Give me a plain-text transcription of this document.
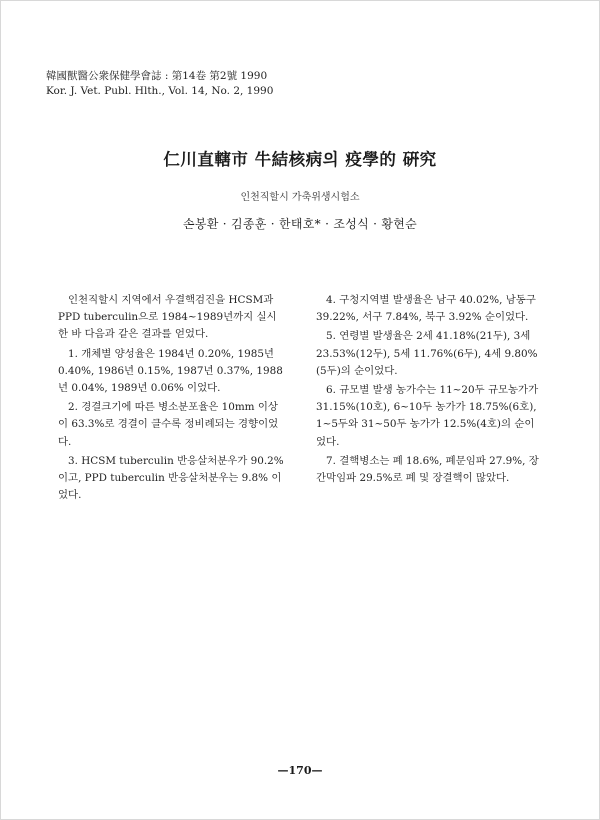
韓國獸醫公衆保健學會誌 : 第14卷 第2號 1990
Kor. J. Vet. Publ. Hlth., Vol. 14, No. 2, 1990
仁川直轄市 牛結核病의 疫學的 硏究
인천직할시 가축위생시험소
손봉환 · 김종훈 · 한태호* · 조성식 · 황현순

인천직할시 지역에서 우결핵검진을 HCSM과 PPD tuberculin으로 1984~1989년까지 실시한 바 다음과 같은 결과를 얻었다.

1. 개체별 양성율은 1984년 0.20%, 1985년 0.40%, 1986년 0.15%, 1987년 0.37%, 1988년 0.04%, 1989년 0.06% 이었다.

2. 경결크기에 따른 병소분포율은 10mm 이상이 63.3%로 경결이 클수록 정비례되는 경향이었다.

3. HCSM tuberculin 반응살처분우가 90.2%이고, PPD tuberculin 반응살처분우는 9.8% 이었다.

4. 구청지역별 발생율은 남구 40.02%, 남동구 39.22%, 서구 7.84%, 북구 3.92% 순이었다.

5. 연령별 발생율은 2세 41.18%(21두), 3세 23.53%(12두), 5세 11.76%(6두), 4세 9.80%(5두)의 순이었다.

6. 규모별 발생 농가수는 11~20두 규모농가가 31.15%(10호), 6~10두 농가가 18.75%(6호), 1~5두와 31~50두 농가가 12.5%(4호)의 순이었다.

7. 결핵병소는 폐 18.6%, 폐문임파 27.9%, 장간막임파 29.5%로 폐 및 장결핵이 많았다.

—170—
